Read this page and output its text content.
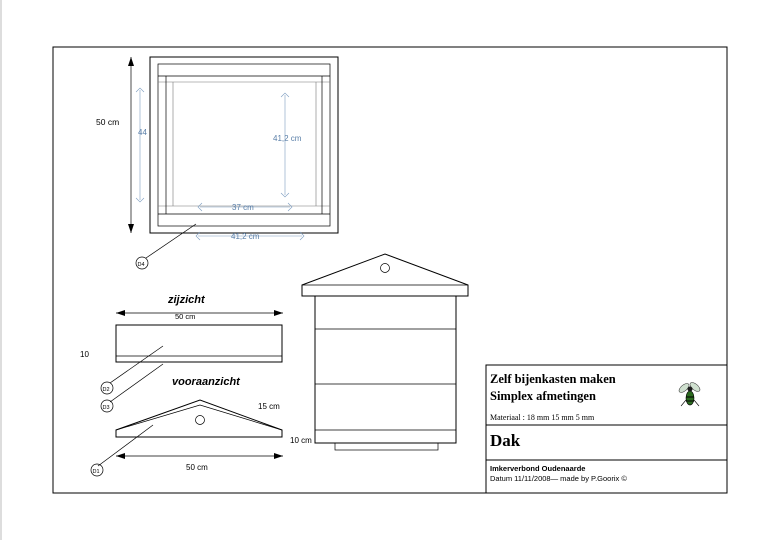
50 cm
44
41,2 cm
37 cm
41,2 cm
D4
zijzicht
50 cm
10
D2
D3
vooraanzicht
15 cm
50 cm
D1
10 cm
Zelf bijenkasten maken
Simplex afmetingen
Materiaal : 18 mm 15 mm 5 mm
Dak
Imkerverbond Oudenaarde
Datum 11/11/2008— made by P.Goorix ©
